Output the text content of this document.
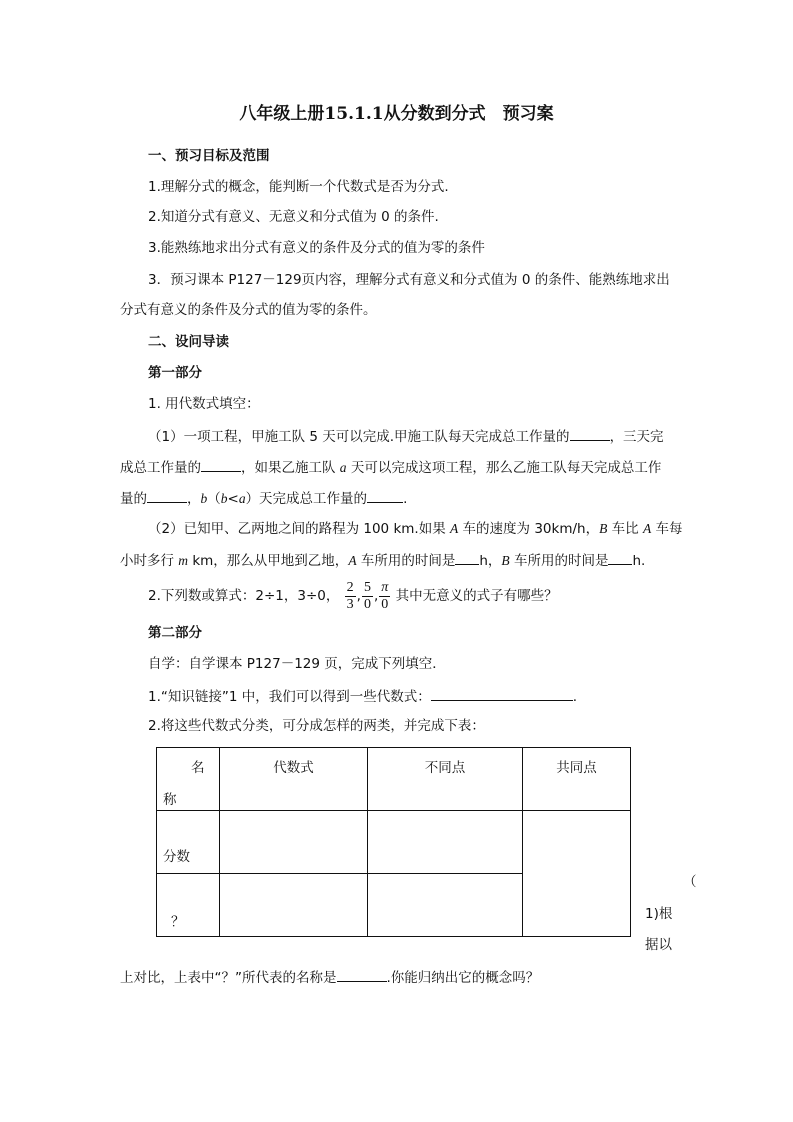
八年级上册15.1.1从分数到分式　预习案
一、预习目标及范围
1.理解分式的概念，能判断一个代数式是否为分式.
2.知道分式有意义、无意义和分式值为 0 的条件.
3.能熟练地求出分式有意义的条件及分式的值为零的条件
3．预习课本 P127－129页内容，理解分式有意义和分式值为 0 的条件、能熟练地求出
分式有意义的条件及分式的值为零的条件。
二、设问导读
第一部分
1. 用代数式填空：
（1）一项工程，甲施工队 5 天可以完成.甲施工队每天完成总工作量的	，三天完
成总工作量的	，如果乙施工队 a 天可以完成这项工程，那么乙施工队每天完成总工作
量的	，b（b<a）天完成总工作量的	.
（2）已知甲、乙两地之间的路程为 100 km.如果 A 车的速度为 30km/h，B 车比 A 车每
小时多行 m km，那么从甲地到乙地，A 车所用的时间是 h，B 车所用的时间是 h.
2.下列数或算式：2÷1，3÷0， $\frac{2}{3}$ , $\frac{5}{0}$ , $\frac{\pi}{0}$ 其中无意义的式子有哪些？
第二部分
自学：自学课本 P127－129 页，完成下列填空．
1.“知识链接”1 中，我们可以得到一些代数式：	.
2.将这些代数式分类，可分成怎样的两类，并完成下表：
名
称	代数式	不同点	共同点
分数			
？			
（
1)根
据以
上对比，上表中“？”所代表的名称是	.你能归纳出它的概念吗？
